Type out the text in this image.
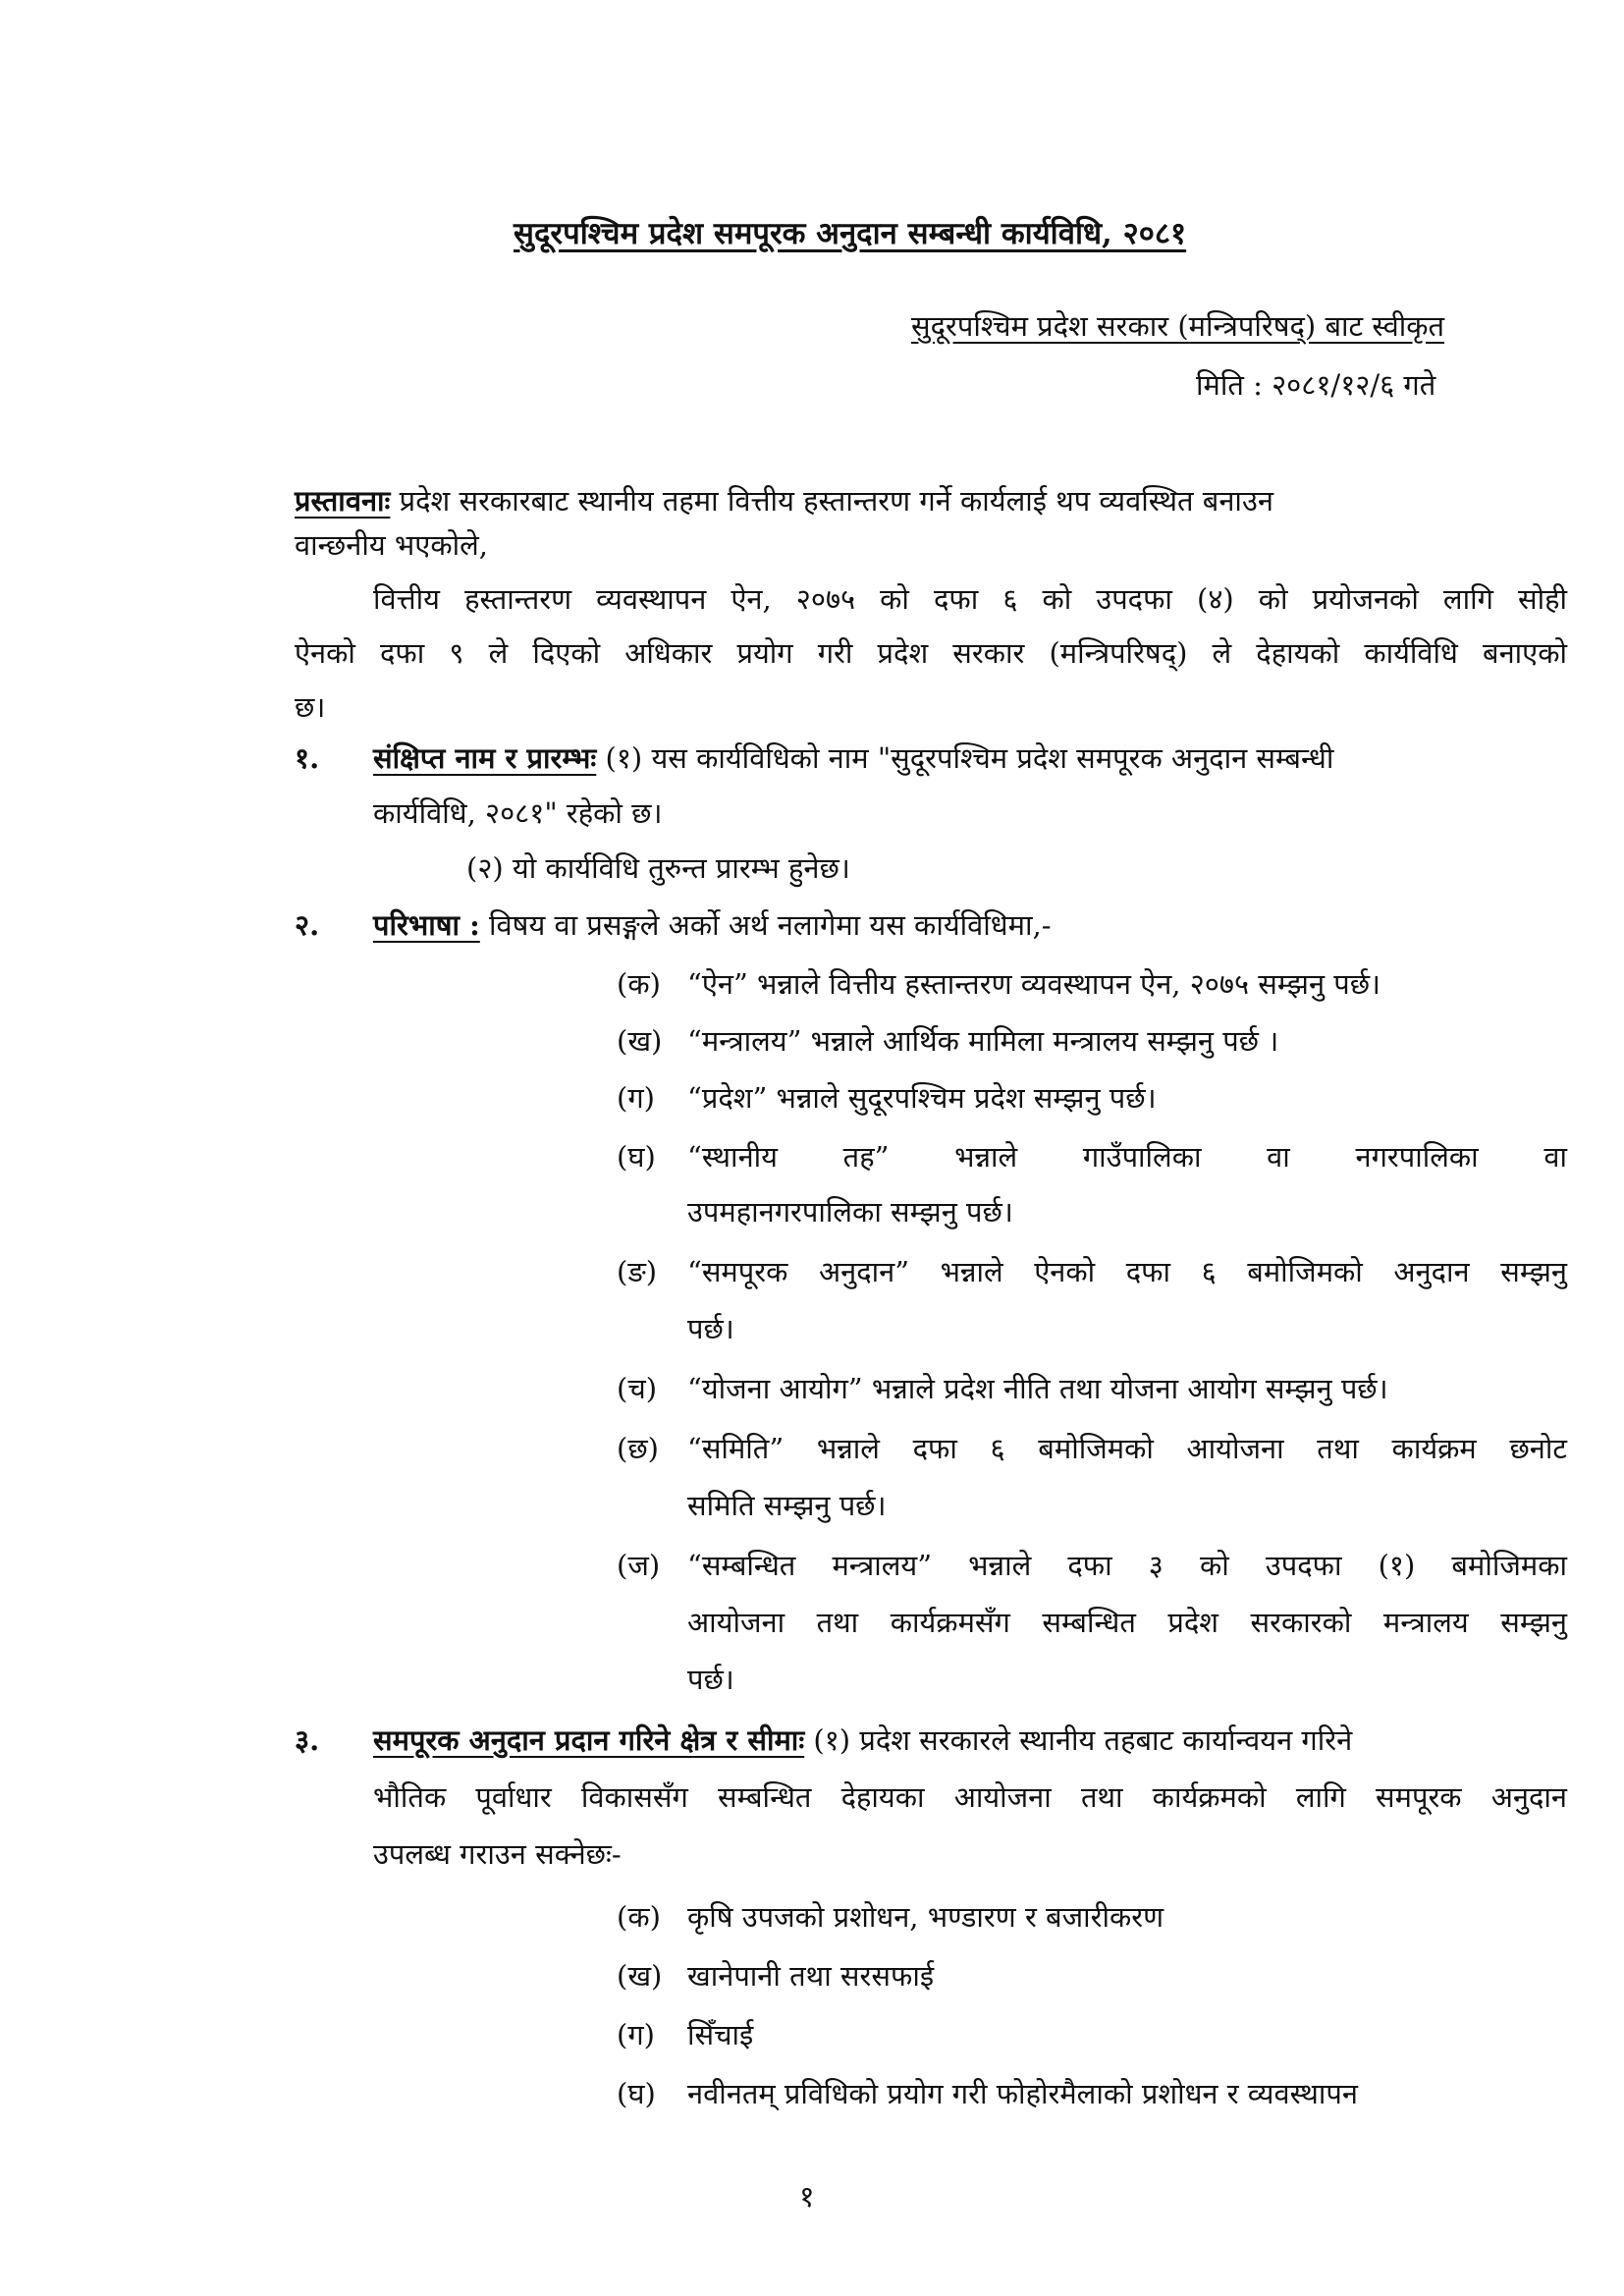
सुदूरपश्चिम प्रदेश समपूरक अनुदान सम्बन्धी कार्यविधि, २०८१
सुदूरपश्चिम प्रदेश सरकार (मन्त्रिपरिषद्) बाट स्वीकृत
मिति : २०८१/१२/६ गते
प्रस्तावनाः प्रदेश सरकारबाट स्थानीय तहमा वित्तीय हस्तान्तरण गर्ने कार्यलाई थप व्यवस्थित बनाउन
वान्छनीय भएकोले,
वित्तीय हस्तान्तरण व्यवस्थापन ऐन, २०७५ को दफा ६ को उपदफा (४) को प्रयोजनको लागि सोही
ऐनको दफा ९ ले दिएको अधिकार प्रयोग गरी प्रदेश सरकार (मन्त्रिपरिषद्) ले देहायको कार्यविधि बनाएको
छ।
१. संक्षिप्त नाम र प्रारम्भः (१) यस कार्यविधिको नाम "सुदूरपश्चिम प्रदेश समपूरक अनुदान सम्बन्धी
कार्यविधि, २०८१" रहेको छ।
(२) यो कार्यविधि तुरुन्त प्रारम्भ हुनेछ।
२. परिभाषा : विषय वा प्रसङ्गले अर्को अर्थ नलागेमा यस कार्यविधिमा,-
(क) “ऐन” भन्नाले वित्तीय हस्तान्तरण व्यवस्थापन ऐन, २०७५ सम्झनु पर्छ।
(ख) “मन्त्रालय” भन्नाले आर्थिक मामिला मन्त्रालय सम्झनु पर्छ ।
(ग) “प्रदेश” भन्नाले सुदूरपश्चिम प्रदेश सम्झनु पर्छ।
(घ) “स्थानीय तह” भन्नाले गाउँपालिका वा नगरपालिका वा
उपमहानगरपालिका सम्झनु पर्छ।
(ङ) “समपूरक अनुदान” भन्नाले ऐनको दफा ६ बमोजिमको अनुदान सम्झनु
पर्छ।
(च) “योजना आयोग” भन्नाले प्रदेश नीति तथा योजना आयोग सम्झनु पर्छ।
(छ) “समिति” भन्नाले दफा ६ बमोजिमको आयोजना तथा कार्यक्रम छनोट
समिति सम्झनु पर्छ।
(ज) “सम्बन्धित मन्त्रालय” भन्नाले दफा ३ को उपदफा (१) बमोजिमका
आयोजना तथा कार्यक्रमसँग सम्बन्धित प्रदेश सरकारको मन्त्रालय सम्झनु
पर्छ।
३. समपूरक अनुदान प्रदान गरिने क्षेत्र र सीमाः (१) प्रदेश सरकारले स्थानीय तहबाट कार्यान्वयन गरिने
भौतिक पूर्वाधार विकाससँग सम्बन्धित देहायका आयोजना तथा कार्यक्रमको लागि समपूरक अनुदान
उपलब्ध गराउन सक्नेछः-
(क) कृषि उपजको प्रशोधन, भण्डारण र बजारीकरण
(ख) खानेपानी तथा सरसफाई
(ग) सिँचाई
(घ) नवीनतम् प्रविधिको प्रयोग गरी फोहोरमैलाको प्रशोधन र व्यवस्थापन
१
